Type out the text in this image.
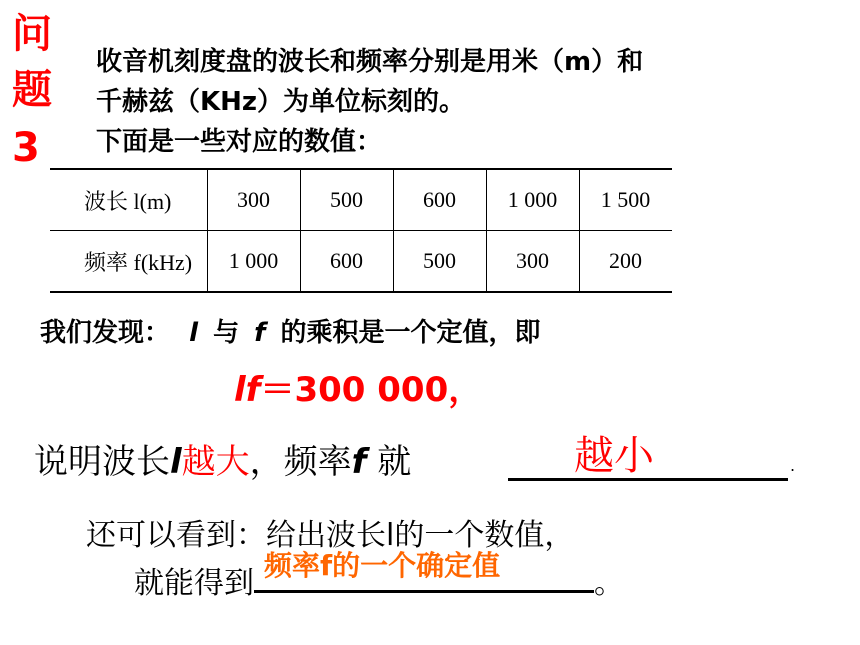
问
题
3
收音机刻度盘的波长和频率分别是用米（m）和
千赫兹（KHz）为单位标刻的。
下面是一些对应的数值：
波长 l(m)	300	500	600	1 000	1 500
频率 f(kHz)	1 000	600	500	300	200
我们发现： l 与 f 的乘积是一个定值，即
lf＝300 000，
说明波长l越大，频率f 就	越小	.
还可以看到：给出波长l的一个数值，
就能得到
频率f的一个确定值
。
